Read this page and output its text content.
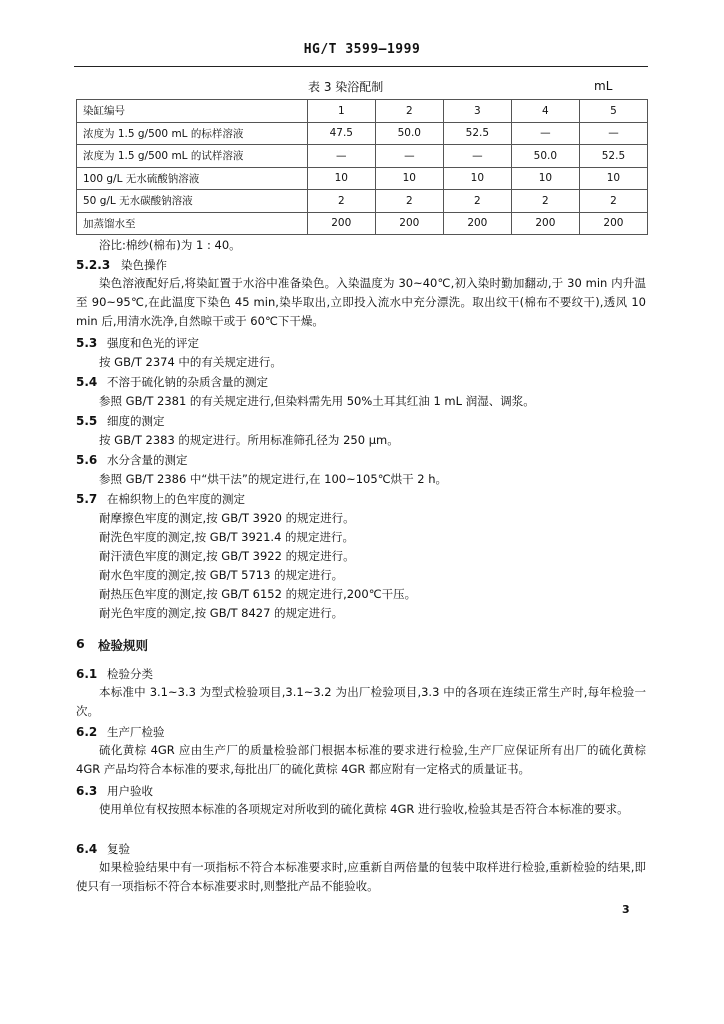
HG/T 3599—1999
表 3 染浴配制	mL
染缸编号	1	2	3	4	5
浓度为 1.5 g/500 mL 的标样溶液	47.5	50.0	52.5	—	—
浓度为 1.5 g/500 mL 的试样溶液	—	—	—	50.0	52.5
100 g/L 无水硫酸钠溶液	10	10	10	10	10
50 g/L 无水碳酸钠溶液	2	2	2	2	2
加蒸馏水至	200	200	200	200	200
浴比:棉纱(棉布)为 1 : 40。
5.2.3 染色操作
染色溶液配好后,将染缸置于水浴中准备染色。入染温度为 30~40℃,初入染时勤加翻动,于 30 min 内升温至 90~95℃,在此温度下染色 45 min,染毕取出,立即投入流水中充分漂洗。取出纹干(棉布不要纹干),透风 10 min 后,用清水洗净,自然晾干或于 60℃下干燥。
5.3 强度和色光的评定
按 GB/T 2374 中的有关规定进行。
5.4 不溶于硫化钠的杂质含量的测定
参照 GB/T 2381 的有关规定进行,但染料需先用 50%土耳其红油 1 mL 润湿、调浆。
5.5 细度的测定
按 GB/T 2383 的规定进行。所用标准筛孔径为 250 μm。
5.6 水分含量的测定
参照 GB/T 2386 中“烘干法”的规定进行,在 100~105℃烘干 2 h。
5.7 在棉织物上的色牢度的测定
耐摩擦色牢度的测定,按 GB/T 3920 的规定进行。
耐洗色牢度的测定,按 GB/T 3921.4 的规定进行。
耐汗渍色牢度的测定,按 GB/T 3922 的规定进行。
耐水色牢度的测定,按 GB/T 5713 的规定进行。
耐热压色牢度的测定,按 GB/T 6152 的规定进行,200℃干压。
耐光色牢度的测定,按 GB/T 8427 的规定进行。
6 检验规则
6.1 检验分类
本标准中 3.1~3.3 为型式检验项目,3.1~3.2 为出厂检验项目,3.3 中的各项在连续正常生产时,每年检验一次。
6.2 生产厂检验
硫化黄棕 4GR 应由生产厂的质量检验部门根据本标准的要求进行检验,生产厂应保证所有出厂的硫化黄棕 4GR 产品均符合本标准的要求,每批出厂的硫化黄棕 4GR 都应附有一定格式的质量证书。
6.3 用户验收
使用单位有权按照本标准的各项规定对所收到的硫化黄棕 4GR 进行验收,检验其是否符合本标准的要求。
6.4 复验
如果检验结果中有一项指标不符合本标准要求时,应重新自两倍量的包装中取样进行检验,重新检验的结果,即使只有一项指标不符合本标准要求时,则整批产品不能验收。
3
